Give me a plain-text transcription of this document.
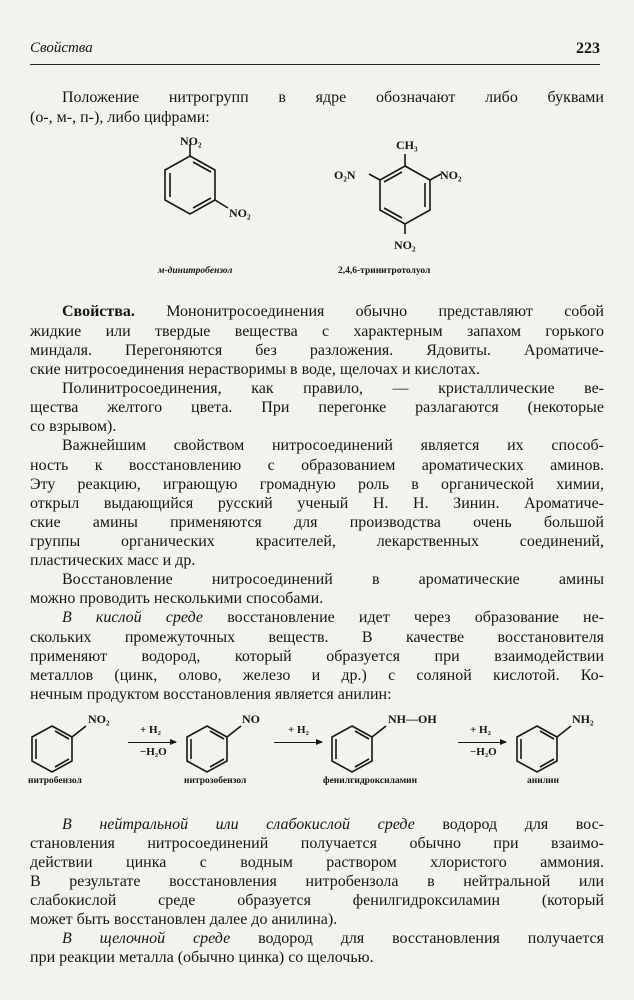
Свойства	223
Положение нитрогрупп в ядре обозначают либо буквами
(о-, м-, п-), либо цифрами:
NO₂
NO₂
м-динитробензол
CH₃
O₂N	NO₂
NO₂
2,4,6-тринитротолуол
Свойства. Мононитросоединения обычно представляют собой
жидкие или твердые вещества с характерным запахом горького
миндаля. Перегоняются без разложения. Ядовиты. Ароматиче-
ские нитросоединения нерастворимы в воде, щелочах и кислотах.
Полинитросоединения, как правило, — кристаллические ве-
щества желтого цвета. При перегонке разлагаются (некоторые
со взрывом).
Важнейшим свойством нитросоединений является их способ-
ность к восстановлению с образованием ароматических аминов.
Эту реакцию, играющую громадную роль в органической химии,
открыл выдающийся русский ученый Н. Н. Зинин. Ароматиче-
ские амины применяются для производства очень большой
группы органических красителей, лекарственных соединений,
пластических масс и др.
Восстановление нитросоединений в ароматические амины
можно проводить несколькими способами.
В кислой среде восстановление идет через образование не-
скольких промежуточных веществ. В качестве восстановителя
применяют водород, который образуется при взаимодействии
металлов (цинк, олово, железо и др.) с соляной кислотой. Ко-
нечным продуктом восстановления является анилин:
NO₂
нитробензол
+ H₂
−H₂O
NO
нитрозобензол
+ H₂
NH—OH
фенилгидроксиламин
+ H₂
−H₂O
NH₂
анилин
В нейтральной или слабокислой среде водород для вос-
становления нитросоединений получается обычно при взаимо-
действии цинка с водным раствором хлористого аммония.
В результате восстановления нитробензола в нейтральной или
слабокислой среде образуется фенилгидроксиламин (который
может быть восстановлен далее до анилина).
В щелочной среде водород для восстановления получается
при реакции металла (обычно цинка) со щелочью.
